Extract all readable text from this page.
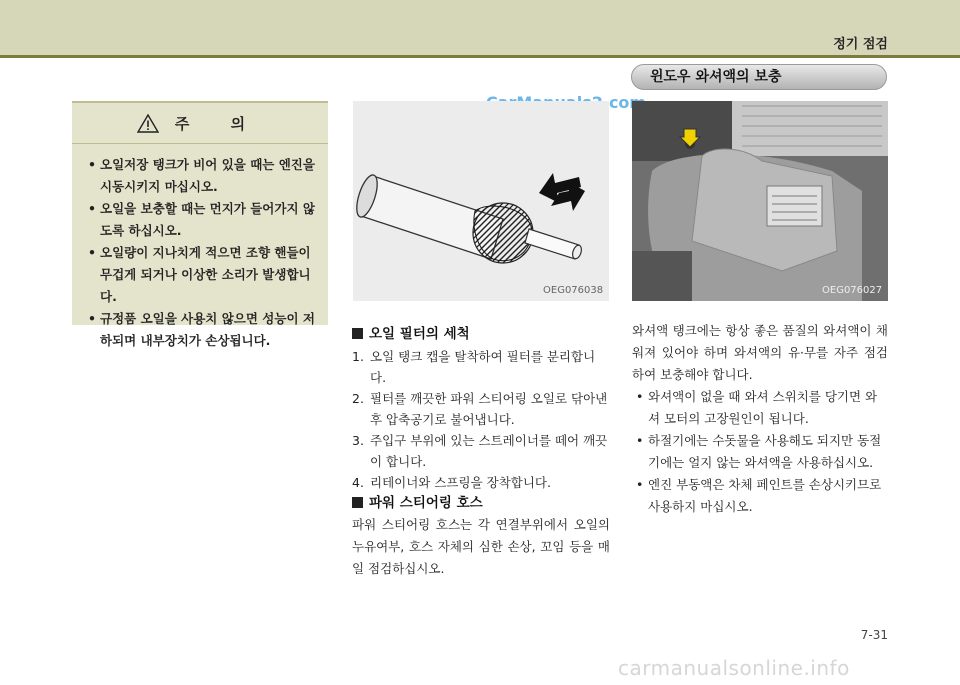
정기 점검
주 의
• 오일저장 탱크가 비어 있을 때는 엔진을 시동시키지 마십시오.
• 오일을 보충할 때는 먼지가 들어가지 않도록 하십시오.
• 오일량이 지나치게 적으면 조향 핸들이 무겁게 되거나 이상한 소리가 발생합니다.
• 규정품 오일을 사용치 않으면 성능이 저하되며 내부장치가 손상됩니다.
OEG076038
윈도우 와셔액의 보충
OEG076027
오일 필터의 세척
1. 오일 탱크 캡을 탈착하여 필터를 분리합니다.
2. 필터를 깨끗한 파워 스티어링 오일로 닦아낸 후 압축공기로 불어냅니다.
3. 주입구 부위에 있는 스트레이너를 떼어 깨끗이 합니다.
4. 리테이너와 스프링을 장착합니다.
파워 스티어링 호스

파워 스티어링 호스는 각 연결부위에서 오일의 누유여부, 호스 자체의 심한 손상, 꼬임 등을 매일 점검하십시오.

와셔액 탱크에는 항상 좋은 품질의 와셔액이 채워져 있어야 하며 와셔액의 유·무를 자주 점검하여 보충해야 합니다.

• 와셔액이 없을 때 와셔 스위치를 당기면 와셔 모터의 고장원인이 됩니다.
• 하절기에는 수돗물을 사용해도 되지만 동절기에는 얼지 않는 와셔액을 사용하십시오.
• 엔진 부동액은 차체 페인트를 손상시키므로 사용하지 마십시오.
7-31
carmanualsonline.info
